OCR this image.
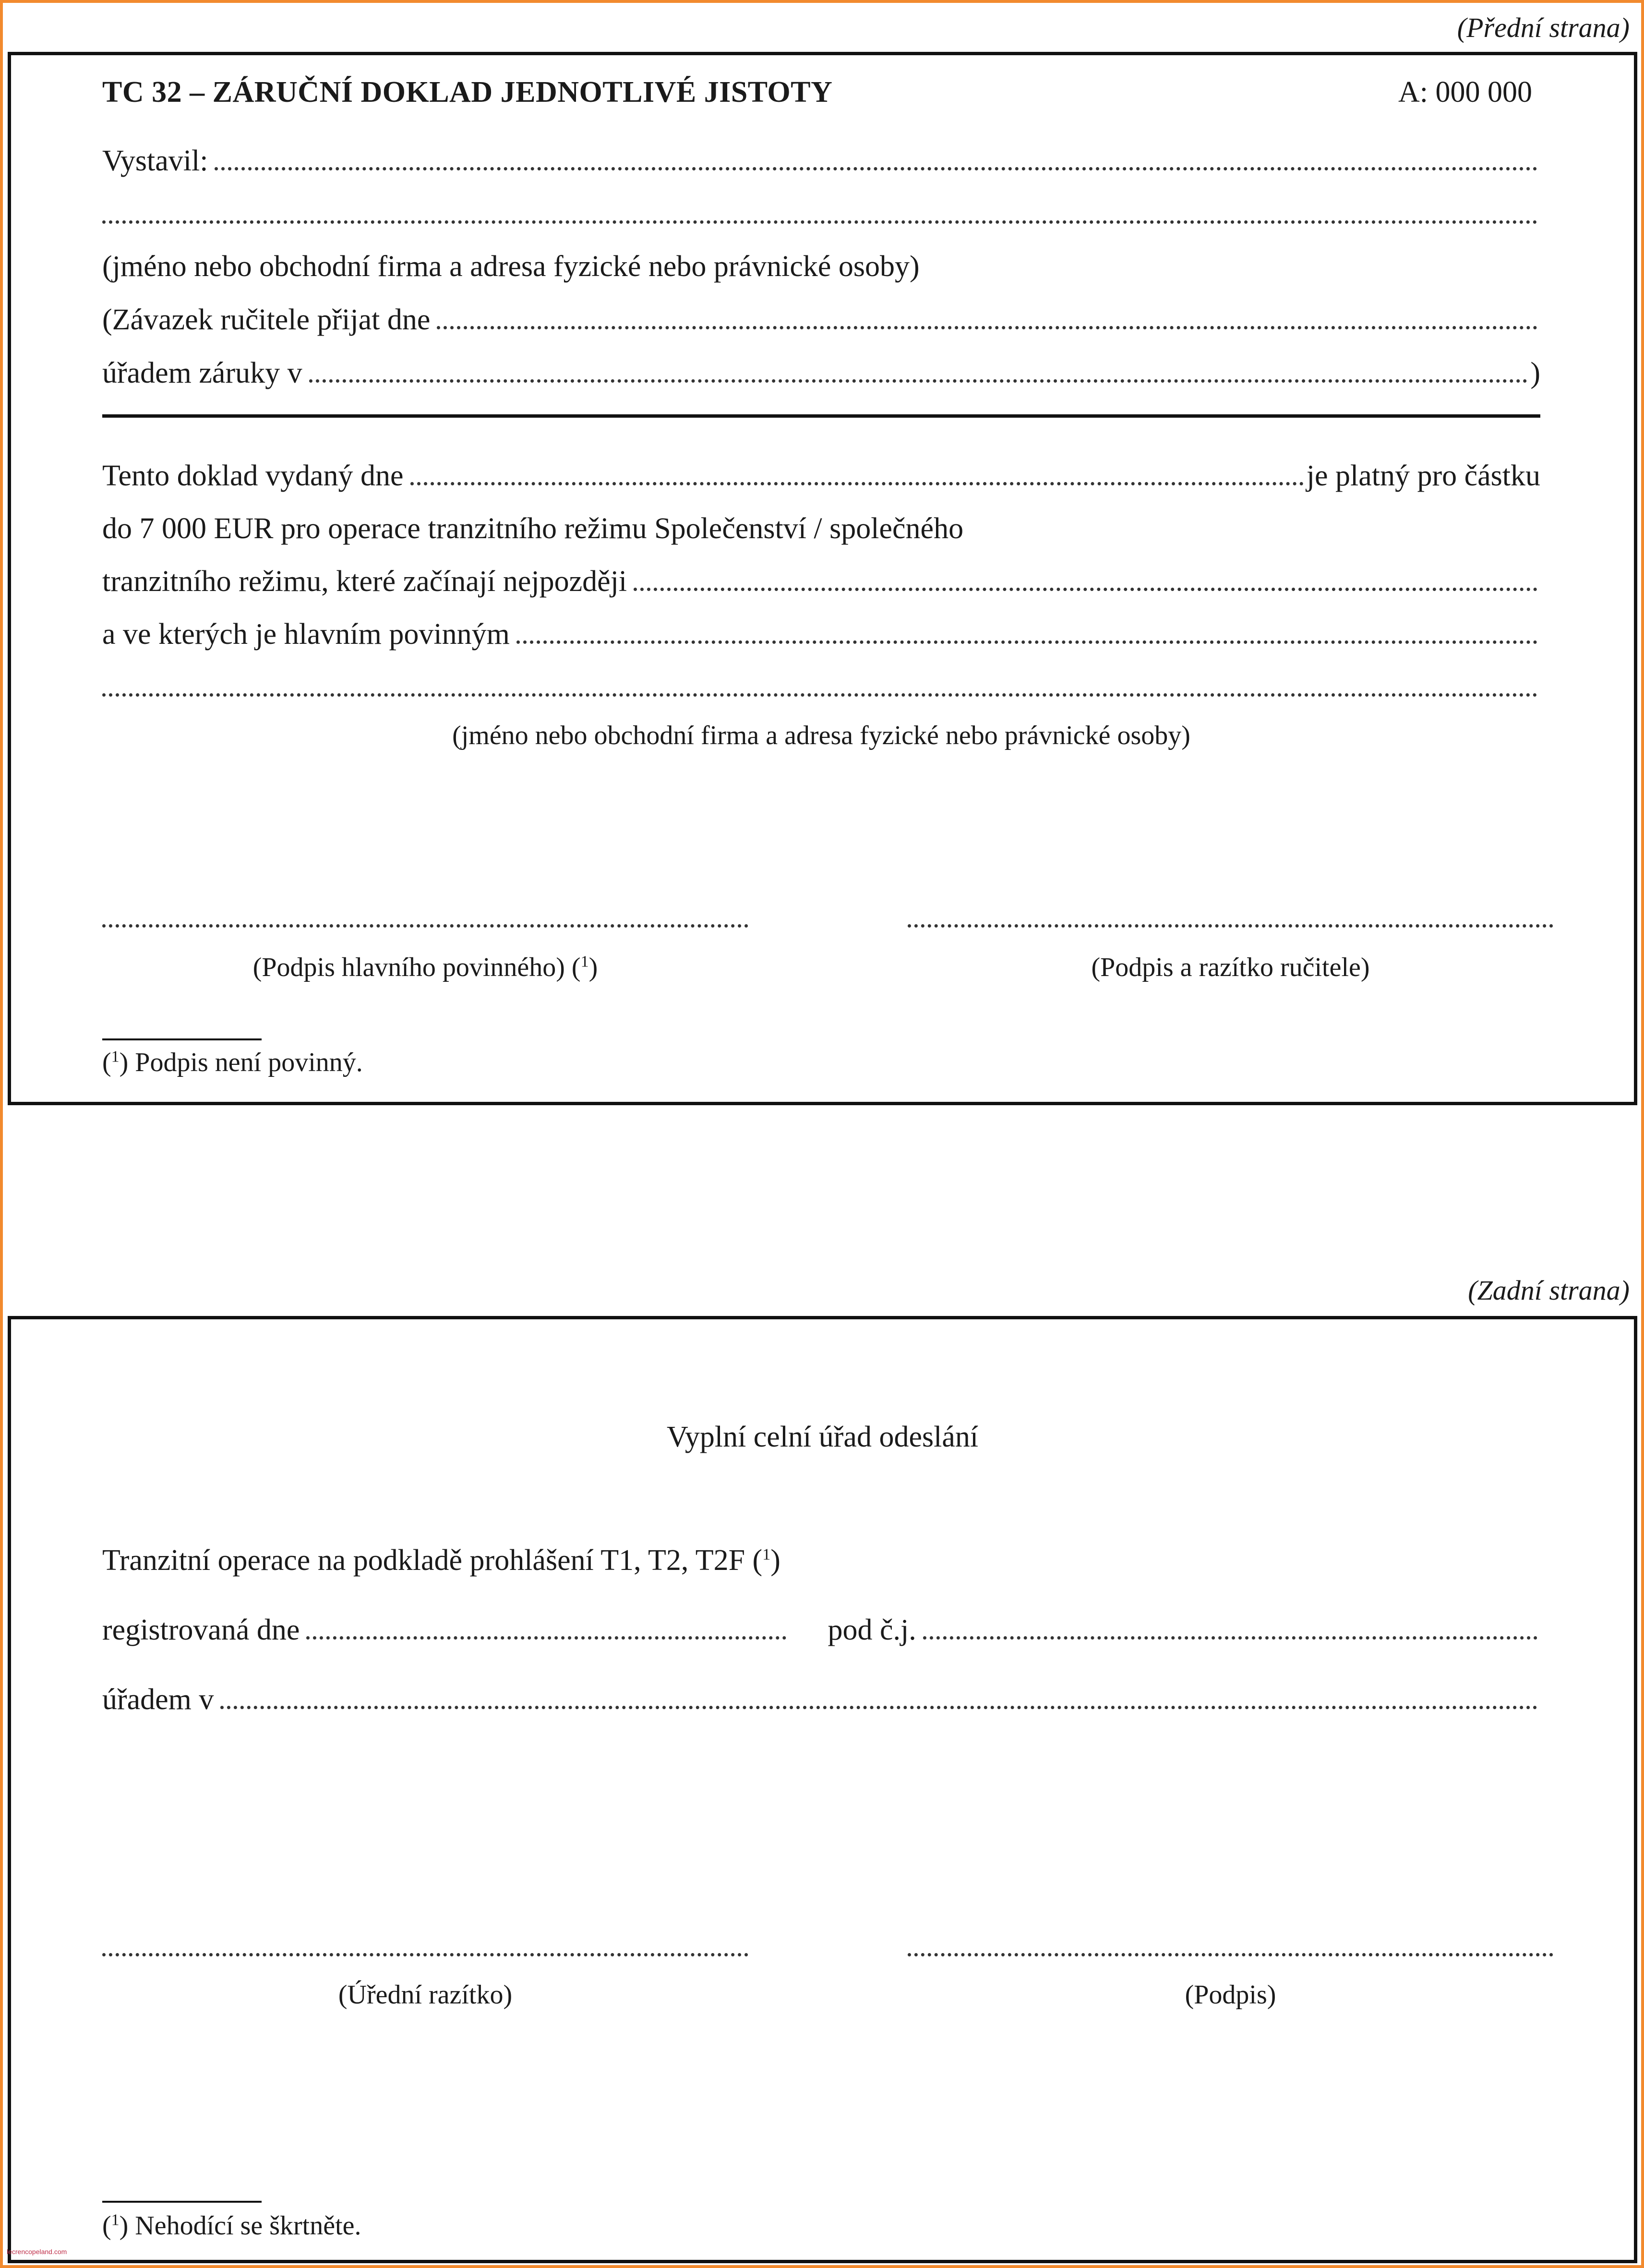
(Přední strana)
TC 32 – ZÁRUČNÍ DOKLAD JEDNOTLIVÉ JISTOTY	A: 000 000
Vystavil:
(jméno nebo obchodní firma a adresa fyzické nebo právnické osoby)
(Závazek ručitele přijat dne
úřadem záruky v	)
Tento doklad vydaný dne	je platný pro částku
do 7 000 EUR pro operace tranzitního režimu Společenství / společného
tranzitního režimu, které začínají nejpozději
a ve kterých je hlavním povinným
(jméno nebo obchodní firma a adresa fyzické nebo právnické osoby)
(Podpis hlavního povinného) ($^1$)	(Podpis a razítko ručitele)
($^1$) Podpis není povinný.
(Zadní strana)
Vyplní celní úřad odeslání
Tranzitní operace na podkladě prohlášení T1, T2, T2F ($^1$)
registrovaná dne	pod č.j.
úřadem v
(Úřední razítko)	(Podpis)
($^1$) Nehodící se škrtněte.
lecrencopeland.com
